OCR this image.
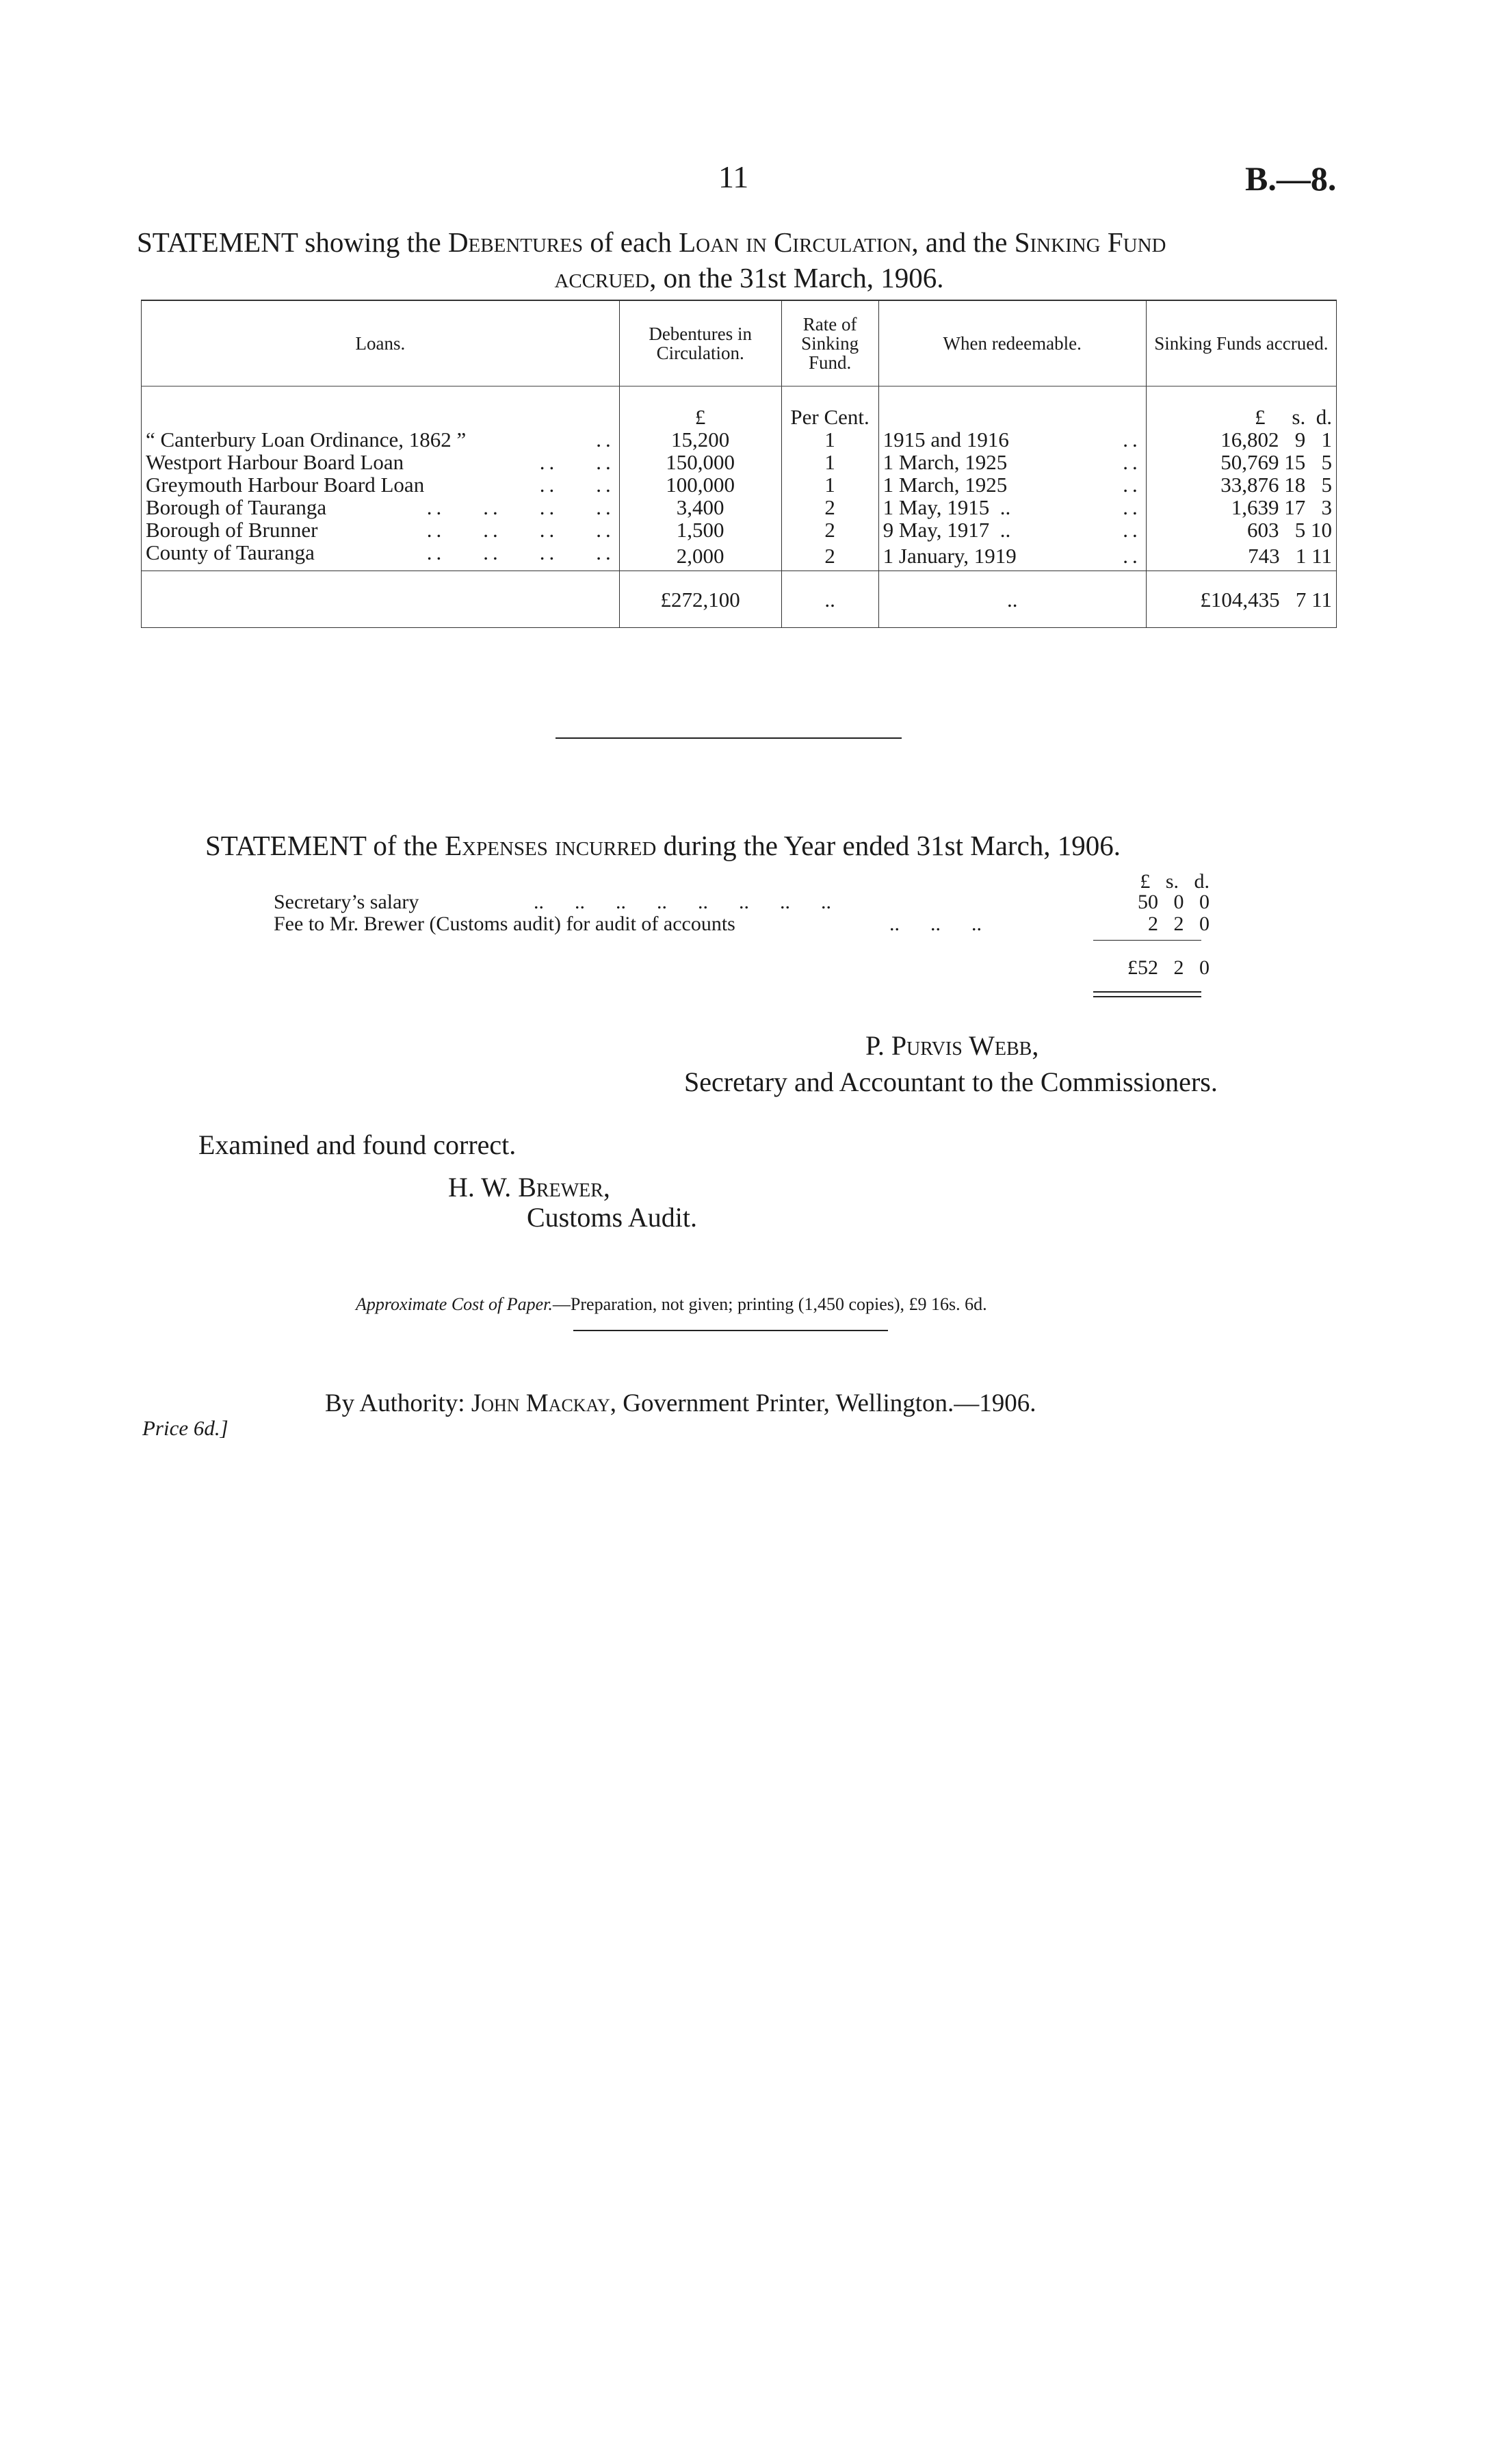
11	B.—8.
STATEMENT showing the Debentures of each Loan in Circulation, and the Sinking Fund
accrued, on the 31st March, 1906.
Loans.	Debentures in Circulation.	Rate of Sinking Fund.	When redeemable.	Sinking Funds accrued.
	£	Per Cent.		£     s.  d.
“ Canterbury Loan Ordinance, 1862 ” ..	15,200	1	1915 and 1916 ..	16,802   9   1
Westport Harbour Board Loan ..    ..	150,000	1	1 March, 1925 ..	50,769 15   5
Greymouth Harbour Board Loan ..    ..	100,000	1	1 March, 1925 ..	33,876 18   5
Borough of Tauranga ..    ..    ..    ..	3,400	2	1 May, 1915  .. ..	1,639 17   3
Borough of Brunner ..    ..    ..    ..	1,500	2	9 May, 1917  .. ..	603   5 10
County of Tauranga ..    ..    ..    ..	2,000	2	1 January, 1919 ..	743   1 11
	£272,100	..	..	£104,435   7 11
STATEMENT of the Expenses incurred during the Year ended 31st March, 1906.
£   s.   d.
Secretary’s salary	..      ..      ..      ..      ..      ..      ..      ..	50   0   0
Fee to Mr. Brewer (Customs audit) for audit of accounts	..      ..      ..	2   2   0
£52   2   0
P. Purvis Webb,
Secretary and Accountant to the Commissioners.
Examined and found correct.
H. W. Brewer,
Customs Audit.
Approximate Cost of Paper.—Preparation, not given; printing (1,450 copies), £9 16s. 6d.
By Authority: John Mackay, Government Printer, Wellington.—1906.
Price 6d.]
